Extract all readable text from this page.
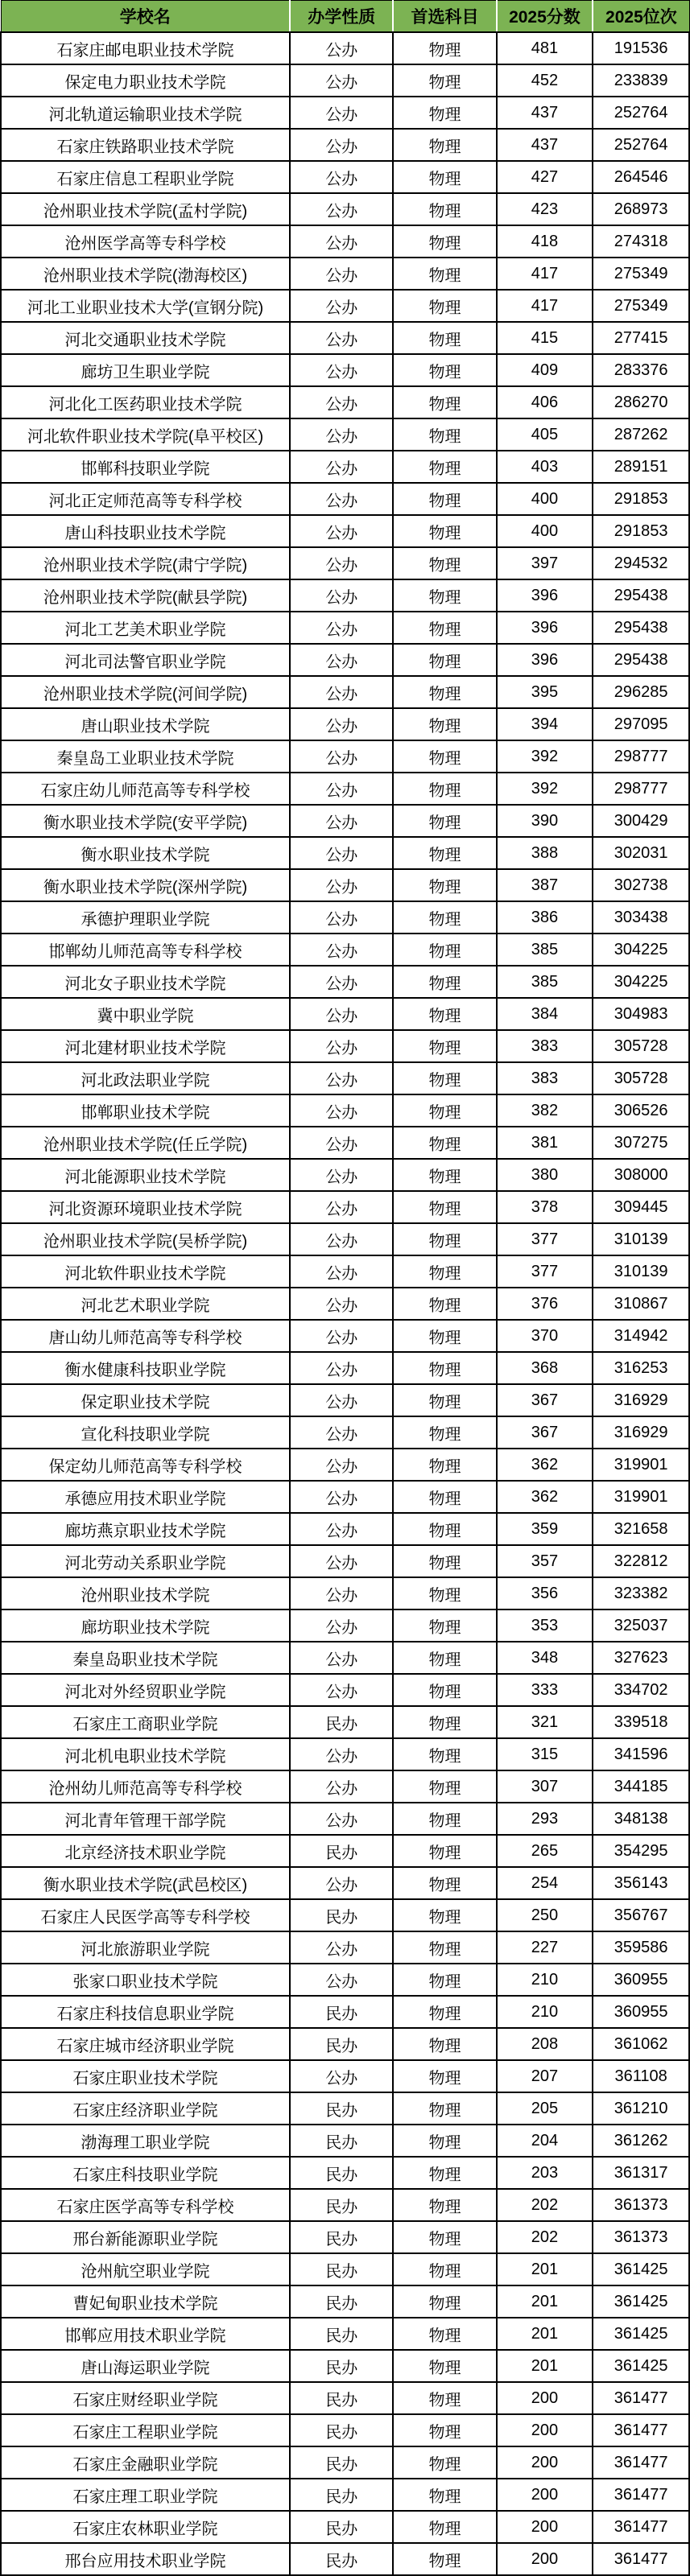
学校名	办学性质	首选科目	2025分数	2025位次
石家庄邮电职业技术学院	公办	物理	481	191536
保定电力职业技术学院	公办	物理	452	233839
河北轨道运输职业技术学院	公办	物理	437	252764
石家庄铁路职业技术学院	公办	物理	437	252764
石家庄信息工程职业学院	公办	物理	427	264546
沧州职业技术学院(孟村学院)	公办	物理	423	268973
沧州医学高等专科学校	公办	物理	418	274318
沧州职业技术学院(渤海校区)	公办	物理	417	275349
河北工业职业技术大学(宣钢分院)	公办	物理	417	275349
河北交通职业技术学院	公办	物理	415	277415
廊坊卫生职业学院	公办	物理	409	283376
河北化工医药职业技术学院	公办	物理	406	286270
河北软件职业技术学院(阜平校区)	公办	物理	405	287262
邯郸科技职业学院	公办	物理	403	289151
河北正定师范高等专科学校	公办	物理	400	291853
唐山科技职业技术学院	公办	物理	400	291853
沧州职业技术学院(肃宁学院)	公办	物理	397	294532
沧州职业技术学院(献县学院)	公办	物理	396	295438
河北工艺美术职业学院	公办	物理	396	295438
河北司法警官职业学院	公办	物理	396	295438
沧州职业技术学院(河间学院)	公办	物理	395	296285
唐山职业技术学院	公办	物理	394	297095
秦皇岛工业职业技术学院	公办	物理	392	298777
石家庄幼儿师范高等专科学校	公办	物理	392	298777
衡水职业技术学院(安平学院)	公办	物理	390	300429
衡水职业技术学院	公办	物理	388	302031
衡水职业技术学院(深州学院)	公办	物理	387	302738
承德护理职业学院	公办	物理	386	303438
邯郸幼儿师范高等专科学校	公办	物理	385	304225
河北女子职业技术学院	公办	物理	385	304225
冀中职业学院	公办	物理	384	304983
河北建材职业技术学院	公办	物理	383	305728
河北政法职业学院	公办	物理	383	305728
邯郸职业技术学院	公办	物理	382	306526
沧州职业技术学院(任丘学院)	公办	物理	381	307275
河北能源职业技术学院	公办	物理	380	308000
河北资源环境职业技术学院	公办	物理	378	309445
沧州职业技术学院(吴桥学院)	公办	物理	377	310139
河北软件职业技术学院	公办	物理	377	310139
河北艺术职业学院	公办	物理	376	310867
唐山幼儿师范高等专科学校	公办	物理	370	314942
衡水健康科技职业学院	公办	物理	368	316253
保定职业技术学院	公办	物理	367	316929
宣化科技职业学院	公办	物理	367	316929
保定幼儿师范高等专科学校	公办	物理	362	319901
承德应用技术职业学院	公办	物理	362	319901
廊坊燕京职业技术学院	公办	物理	359	321658
河北劳动关系职业学院	公办	物理	357	322812
沧州职业技术学院	公办	物理	356	323382
廊坊职业技术学院	公办	物理	353	325037
秦皇岛职业技术学院	公办	物理	348	327623
河北对外经贸职业学院	公办	物理	333	334702
石家庄工商职业学院	民办	物理	321	339518
河北机电职业技术学院	公办	物理	315	341596
沧州幼儿师范高等专科学校	公办	物理	307	344185
河北青年管理干部学院	公办	物理	293	348138
北京经济技术职业学院	民办	物理	265	354295
衡水职业技术学院(武邑校区)	公办	物理	254	356143
石家庄人民医学高等专科学校	民办	物理	250	356767
河北旅游职业学院	公办	物理	227	359586
张家口职业技术学院	公办	物理	210	360955
石家庄科技信息职业学院	民办	物理	210	360955
石家庄城市经济职业学院	民办	物理	208	361062
石家庄职业技术学院	公办	物理	207	361108
石家庄经济职业学院	民办	物理	205	361210
渤海理工职业学院	民办	物理	204	361262
石家庄科技职业学院	民办	物理	203	361317
石家庄医学高等专科学校	民办	物理	202	361373
邢台新能源职业学院	民办	物理	202	361373
沧州航空职业学院	民办	物理	201	361425
曹妃甸职业技术学院	民办	物理	201	361425
邯郸应用技术职业学院	民办	物理	201	361425
唐山海运职业学院	民办	物理	201	361425
石家庄财经职业学院	民办	物理	200	361477
石家庄工程职业学院	民办	物理	200	361477
石家庄金融职业学院	民办	物理	200	361477
石家庄理工职业学院	民办	物理	200	361477
石家庄农林职业学院	民办	物理	200	361477
邢台应用技术职业学院	民办	物理	200	361477
